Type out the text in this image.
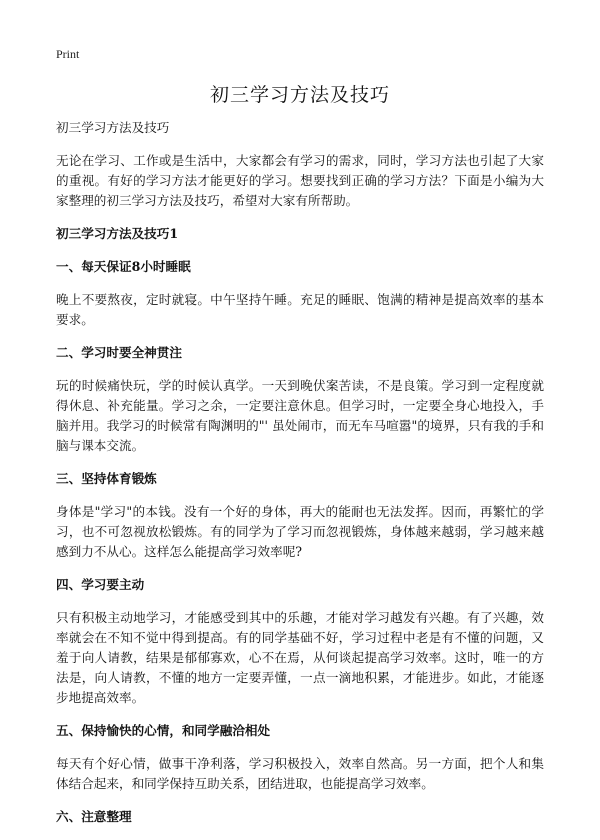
Print
初三学习方法及技巧

初三学习方法及技巧

无论在学习、工作或是生活中，大家都会有学习的需求，同时，学习方法也引起了大家的重视。有好的学习方法才能更好的学习。想要找到正确的学习方法？下面是小编为大家整理的初三学习方法及技巧，希望对大家有所帮助。

初三学习方法及技巧1

一、每天保证8小时睡眠

晚上不要熬夜，定时就寝。中午坚持午睡。充足的睡眠、饱满的精神是提高效率的基本要求。

二、学习时要全神贯注

玩的时候痛快玩，学的时候认真学。一天到晚伏案苦读，不是良策。学习到一定程度就得休息、补充能量。学习之余，一定要注意休息。但学习时，一定要全身心地投入，手脑并用。我学习的时候常有陶渊明的"' 虽处闹市，而无车马喧嚣"的境界，只有我的手和脑与课本交流。

三、坚持体育锻炼

身体是"学习"的本钱。没有一个好的身体，再大的能耐也无法发挥。因而，再繁忙的学习，也不可忽视放松锻炼。有的同学为了学习而忽视锻炼，身体越来越弱，学习越来越感到力不从心。这样怎么能提高学习效率呢?

四、学习要主动

只有积极主动地学习，才能感受到其中的乐趣，才能对学习越发有兴趣。有了兴趣，效率就会在不知不觉中得到提高。有的同学基础不好，学习过程中老是有不懂的问题，又羞于向人请教，结果是郁郁寡欢，心不在焉，从何谈起提高学习效率。这时，唯一的方法是，向人请教，不懂的地方一定要弄懂，一点一滴地积累，才能进步。如此，才能逐步地提高效率。

五、保持愉快的心情，和同学融洽相处

每天有个好心情，做事干净利落，学习积极投入，效率自然高。另一方面，把个人和集体结合起来，和同学保持互助关系，团结进取，也能提高学习效率。

六、注意整理
